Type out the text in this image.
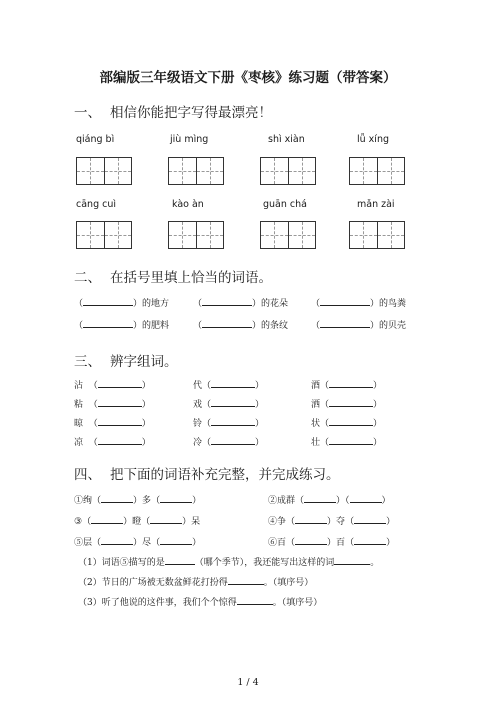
部编版三年级语文下册《枣核》练习题（带答案）
一、 相信你能把字写得最漂亮！
qiáng bì	jiù mìng	shì xiàn	lǚ xíng
cāng cuì	kào àn	guān chá	mǎn zài
二、 在括号里填上恰当的词语。
（	）的地方	（	）的花朵	（	）的鸟粪
（	）的肥料	（	）的条纹	（	）的贝壳
三、 辨字组词。
沾  （	）	代（	）	酒（	）
粘  （	）	戏（	）	洒（	）
晾  （	）	铃（	）	状（	）
凉  （	）	冷（	）	壮（	）
四、 把下面的词语补充完整，并完成练习。
①绚（	）多（	）	②成群（	）（	）
③（	）瞪（	）呆	④争（	）夺（	）
⑤层（	）尽（	）	⑥百（	）百（	）
（1）词语⑤描写的是	（哪个季节），我还能写出这样的词	。
（2）节日的广场被无数盆鲜花打扮得	。（填序号）
（3）听了他说的这件事，我们个个惊得	。（填序号）
1 / 4
